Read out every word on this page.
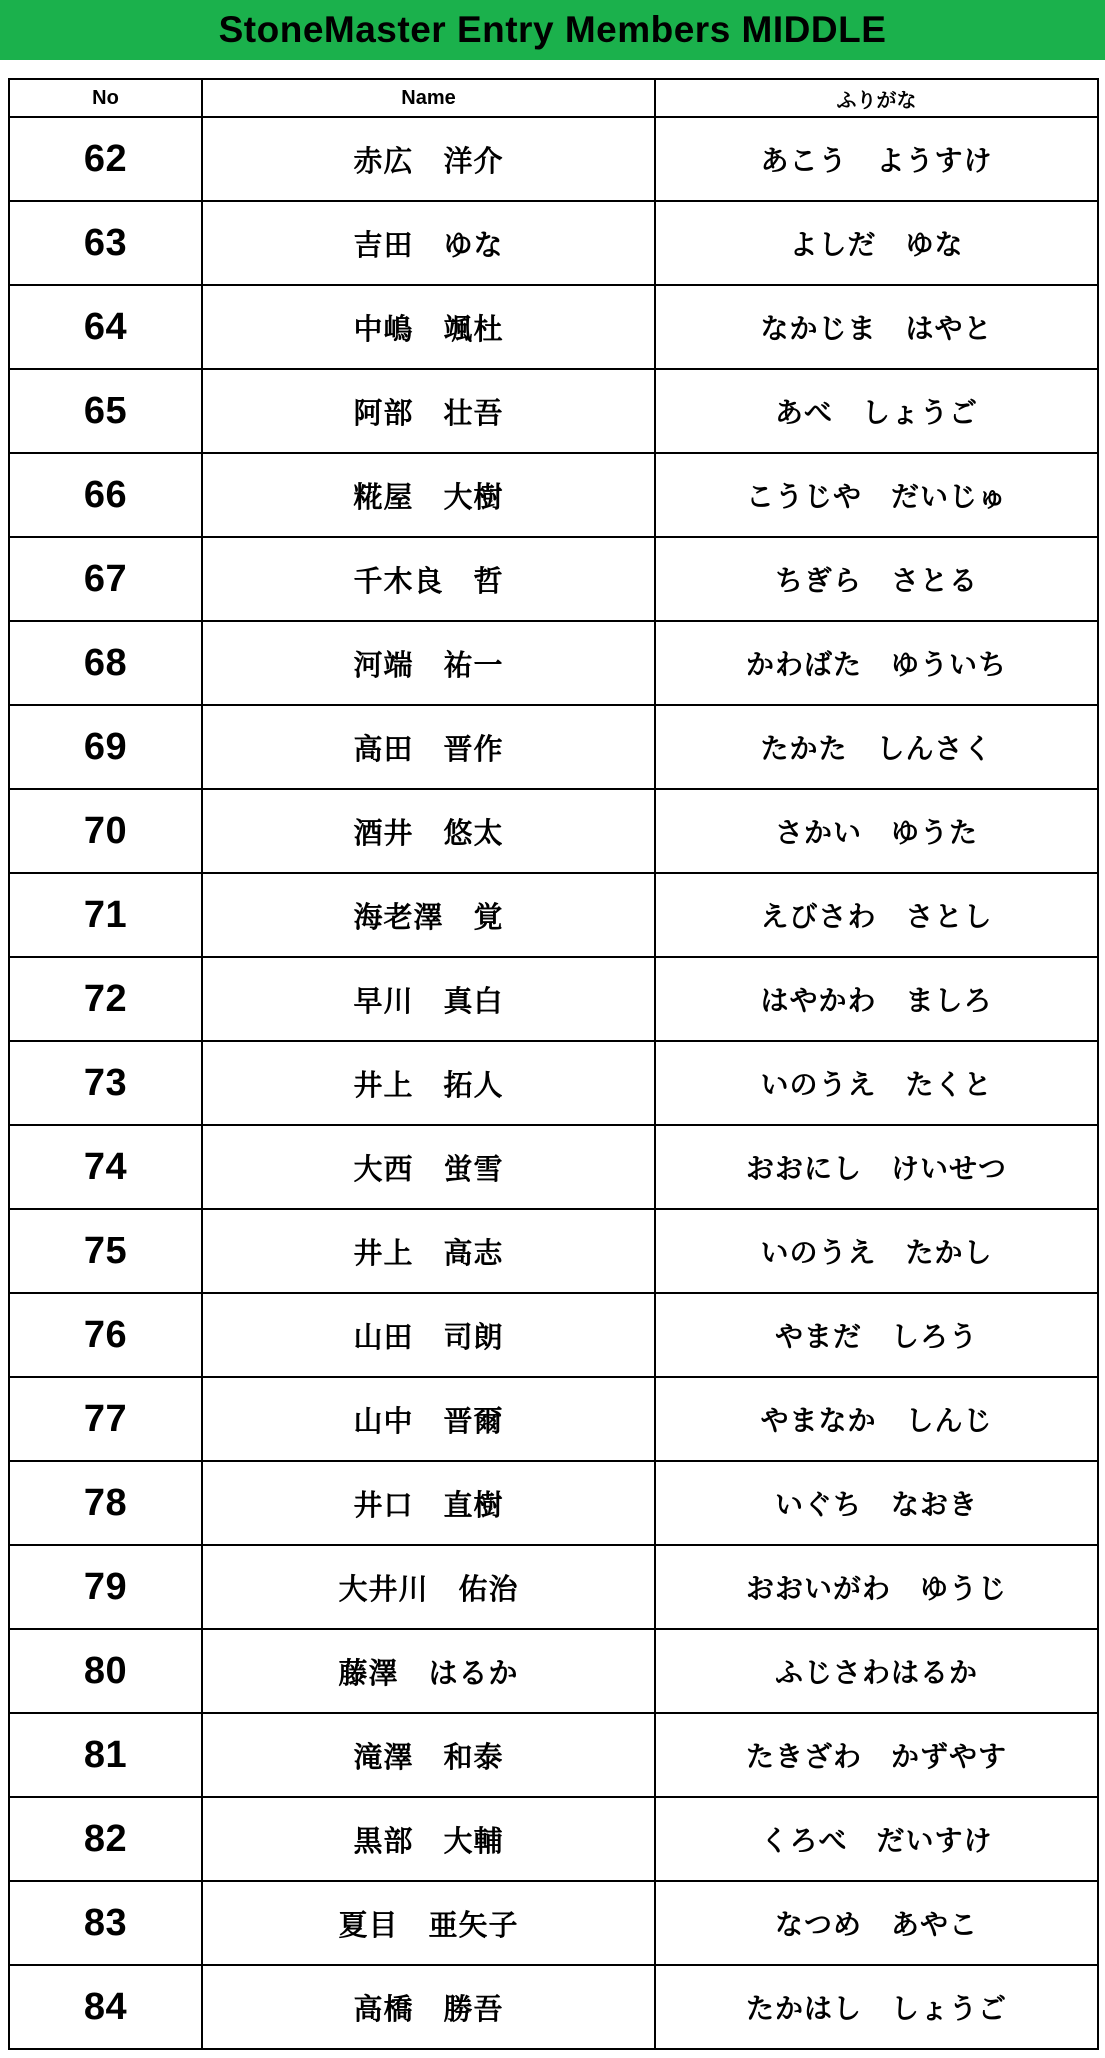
StoneMaster Entry Members MIDDLE
No	Name	ふりがな
62	赤広　洋介	あこう　ようすけ
63	吉田　ゆな	よしだ　ゆな
64	中嶋　颯杜	なかじま　はやと
65	阿部　壮吾	あべ　しょうご
66	糀屋　大樹	こうじや　だいじゅ
67	千木良　哲	ちぎら　さとる
68	河端　祐一	かわばた　ゆういち
69	高田　晋作	たかた　しんさく
70	酒井　悠太	さかい　ゆうた
71	海老澤　覚	えびさわ　さとし
72	早川　真白	はやかわ　ましろ
73	井上　拓人	いのうえ　たくと
74	大西　蛍雪	おおにし　けいせつ
75	井上　高志	いのうえ　たかし
76	山田　司朗	やまだ　しろう
77	山中　晋爾	やまなか　しんじ
78	井口　直樹	いぐち　なおき
79	大井川　佑治	おおいがわ　ゆうじ
80	藤澤　はるか	ふじさわはるか
81	滝澤　和泰	たきざわ　かずやす
82	黒部　大輔	くろべ　だいすけ
83	夏目　亜矢子	なつめ　あやこ
84	高橋　勝吾	たかはし　しょうご
